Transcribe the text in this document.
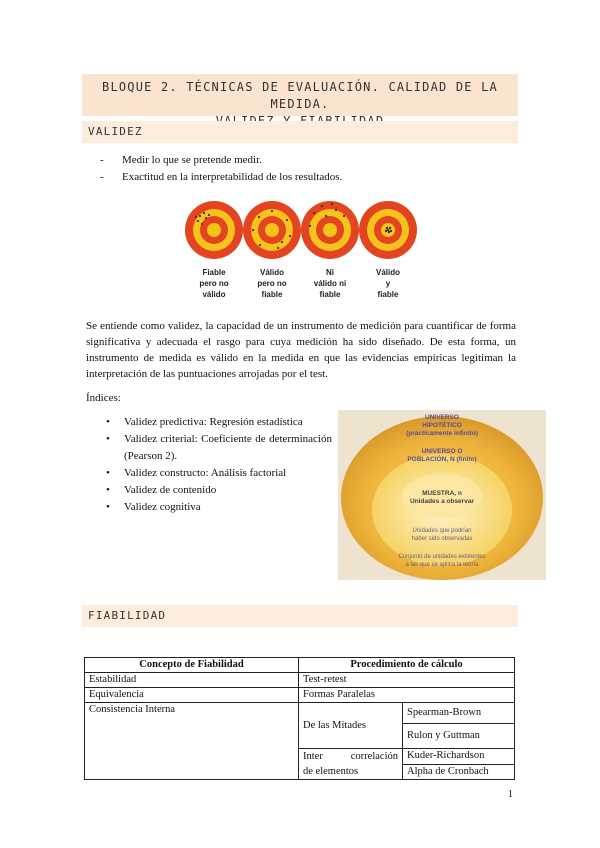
BLOQUE 2. TÉCNICAS DE EVALUACIÓN. CALIDAD DE LA MEDIDA.
VALIDEZ
- Medir lo que se pretende medir.
- Exactitud en la interpretabilidad de los resultados.
Fiable
pero no
válido
Válido
pero no
fiable
Ni
válido ni
fiable
Válido
y
fiable
Se entiende como validez, la capacidad de un instrumento de medición para cuantificar de forma significativa y adecuada el rasgo para cuya medición ha sido diseñado. De esta forma, un instrumento de medida es válido en la medida en que las evidencias empíricas legitiman la interpretación de las puntuaciones arrojadas por el test.
Índices:
• Validez predictiva: Regresión estadística
• Validez criterial: Coeficiente de determinación (Pearson 2).
• Validez constructo: Análisis factorial
• Validez de contenido
• Validez cognitiva
UNIVERSO
HIPOTÉTICO
(prácticamente infinito)
UNIVERSO O
POBLACIÓN, N (finito)
MUESTRA, n
Unidades a observar
Unidades que podrían
haber sido observadas
Conjunto de unidades existentes
a las que se aplica la teoría
FIABILIDAD
Concepto de Fiabilidad	Procedimiento de cálculo	
Estabilidad	Test-retest	
Equivalencia	Formas Paralelas	
Consistencia Interna	De las Mitades	Spearman-Brown
		Rulon y Guttman

	Inter correlación
de elementos	Kuder-Richardson
		Alpha de Cronbach
1
